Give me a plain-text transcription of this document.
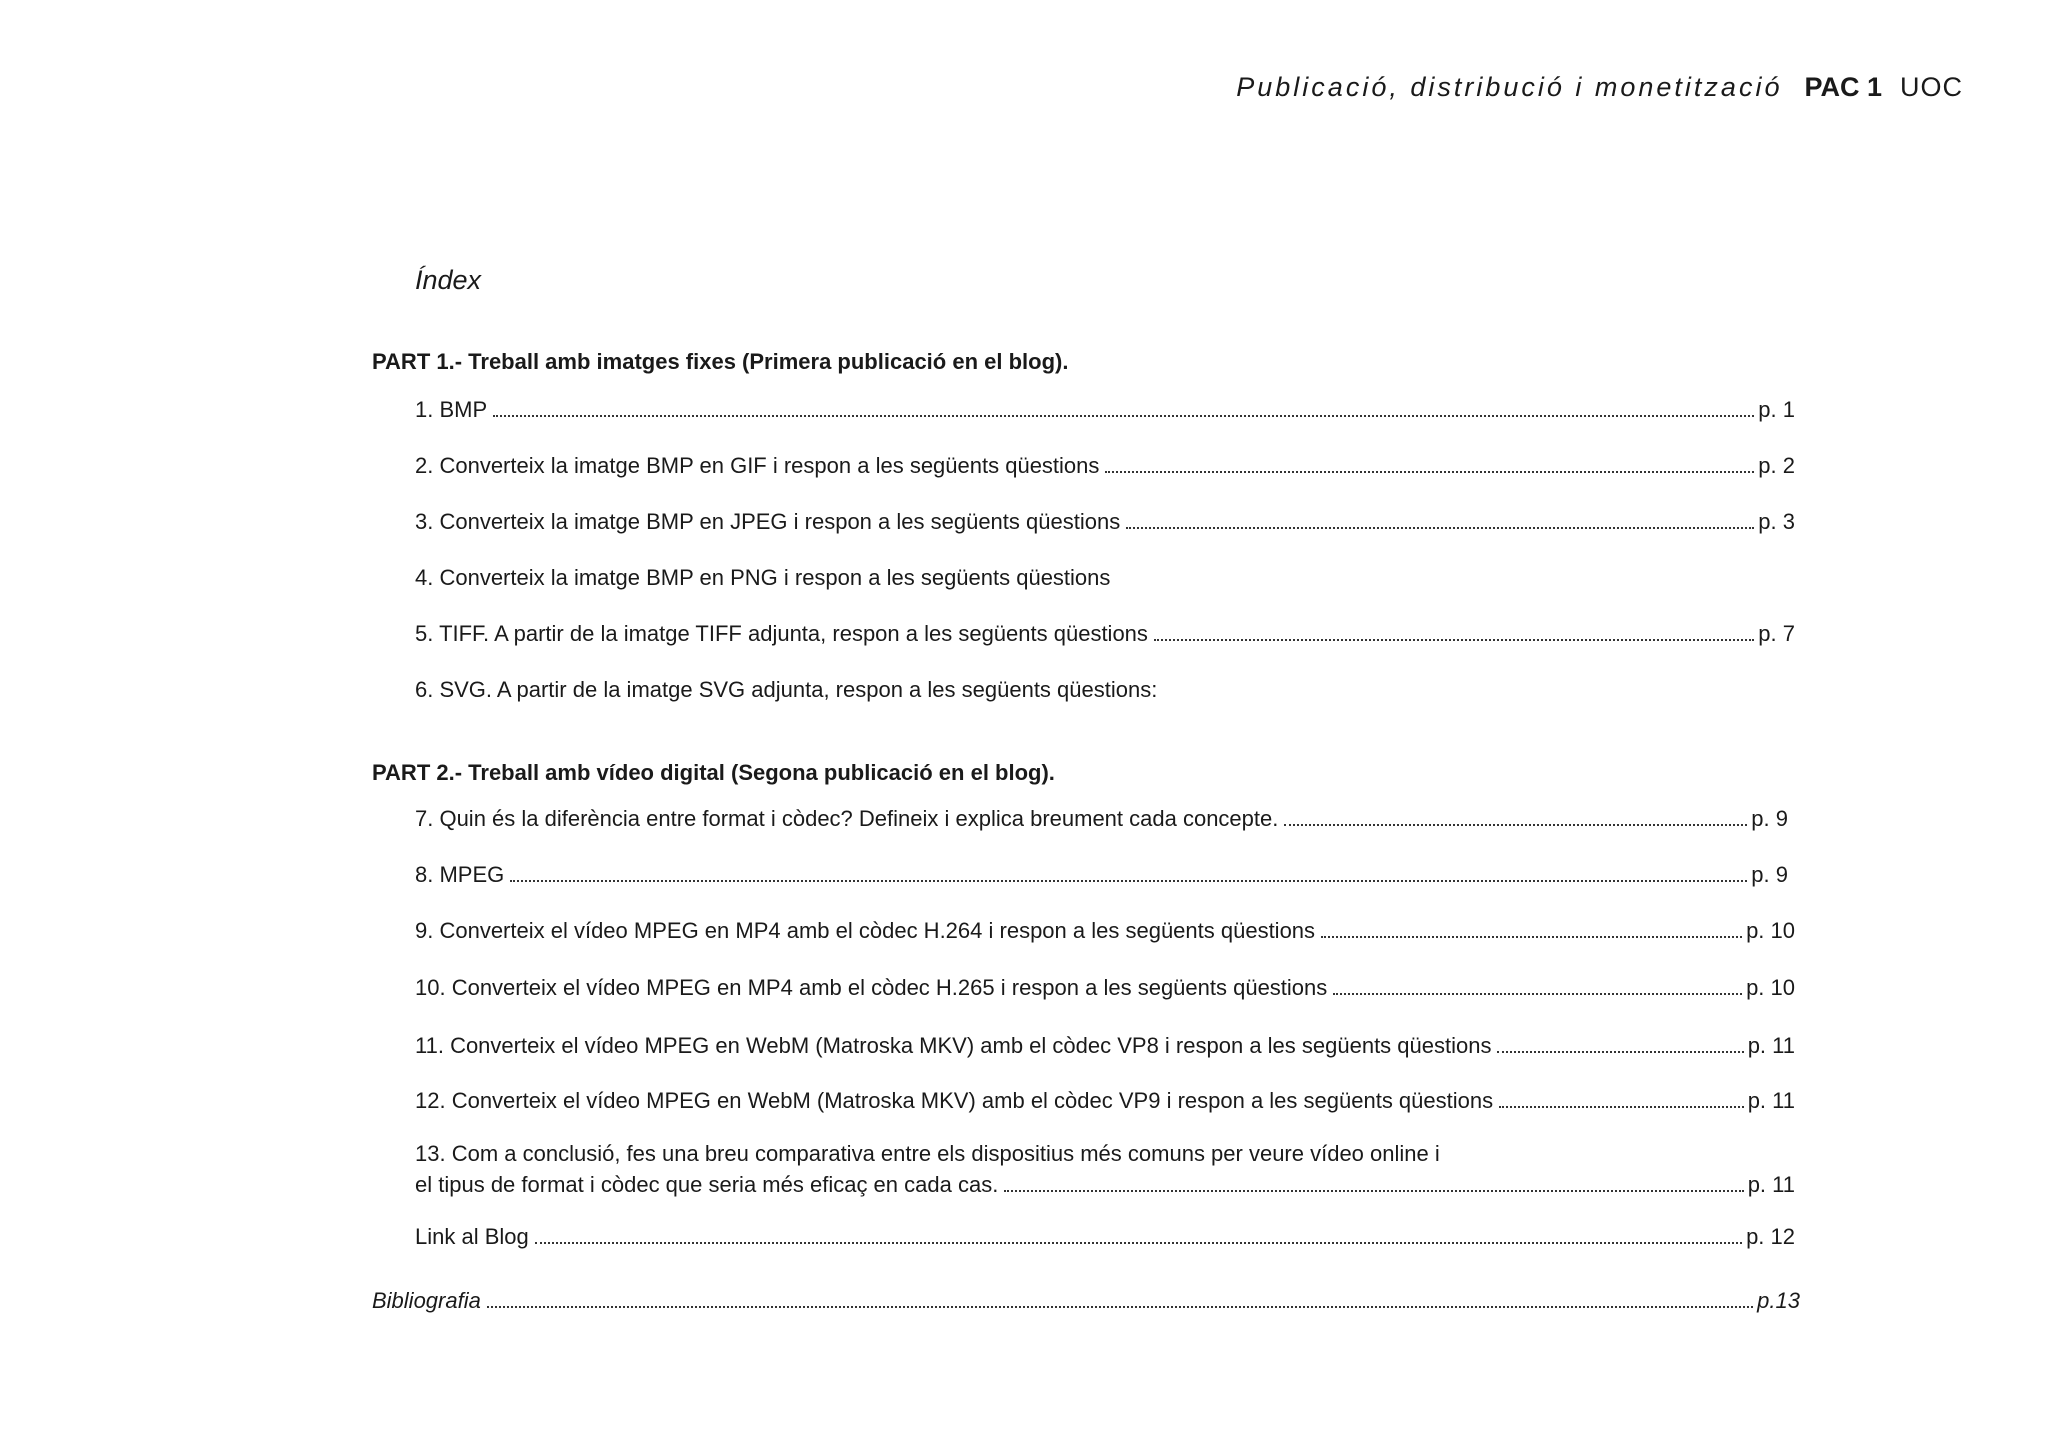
Publicació, distribució i monetització PAC 1 UOC
Índex
PART 1.- Treball amb imatges fixes (Primera publicació en el blog).
1. BMP	p. 1
2. Converteix la imatge BMP en GIF i respon a les següents qüestions	p. 2
3. Converteix la imatge BMP en JPEG i respon a les següents qüestions	p. 3
4. Converteix la imatge BMP en PNG i respon a les següents qüestions
5. TIFF. A partir de la imatge TIFF adjunta, respon a les següents qüestions	p. 7
6. SVG. A partir de la imatge SVG adjunta, respon a les següents qüestions:
PART 2.- Treball amb vídeo digital (Segona publicació en el blog).
7. Quin és la diferència entre format i còdec? Defineix i explica breument cada concepte.	p. 9
8. MPEG	p. 9
9. Converteix el vídeo MPEG en MP4 amb el còdec H.264 i respon a les següents qüestions	p. 10
10. Converteix el vídeo MPEG en MP4 amb el còdec H.265 i respon a les següents qüestions	p. 10
11. Converteix el vídeo MPEG en WebM (Matroska MKV) amb el còdec VP8 i respon a les següents qüestions	p. 11
12. Converteix el vídeo MPEG en WebM (Matroska MKV) amb el còdec VP9 i respon a les següents qüestions	p. 11
13. Com a conclusió, fes una breu comparativa entre els dispositius més comuns per veure vídeo online i
el tipus de format i còdec que seria més eficaç en cada cas.	p. 11
Link al Blog	p. 12
Bibliografia	p.13
